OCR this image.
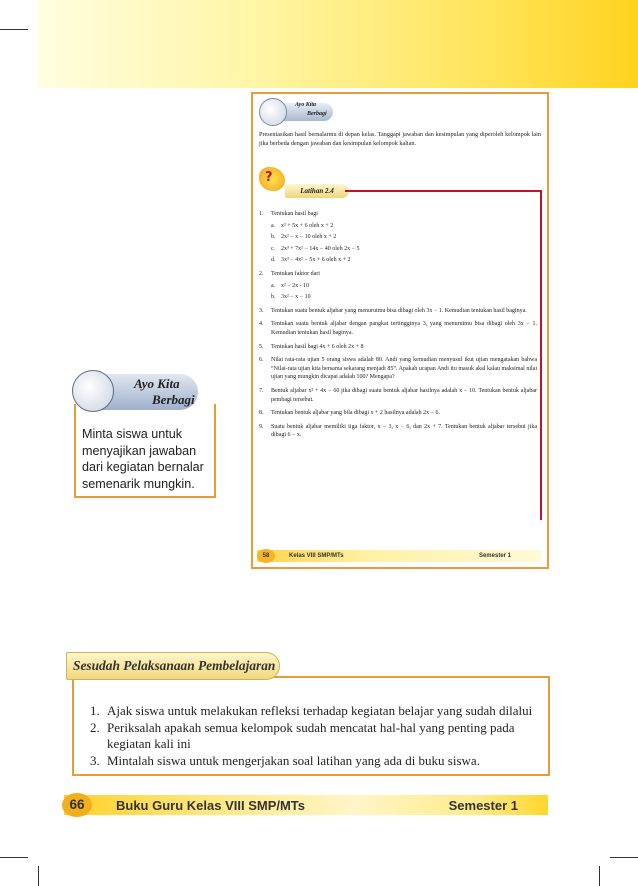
Ayo Kita
Berbagi
Presentasikan hasil bernalarmu di depan kelas. Tanggapi jawaban dan kesimpulan yang diperoleh kelompok lain jika berbeda dengan jawaban dan kesimpulan kelompok kalian.
?
Latihan 2.4
1. Tentukan hasil bagi
a. x² + 5x + 6 oleh x + 2
b. 2x² − x − 10 oleh x + 2
c. 2x³ + 7x² − 14x − 40 oleh 2x − 5
d. 3x³ − 4x² − 5x + 6 oleh x + 2
2. Tentukan faktor dari
a. x² − 2x - 10
b. 3x² − x − 10
3. Tentukan suatu bentuk aljabar yang menurutmu bisa dibagi oleh 3x − 1. Kemudian tentukan hasil baginya.
4. Tentukan suatu bentuk aljabar dengan pangkat tertingginya 3, yang menurutmu bisa dibagi oleh 3x − 1. Kemudian tentukan hasil baginya.
5. Tentukan hasil bagi 4x + 6 oleh 2x + 8
6. Nilai rata-rata ujian 5 orang siswa adalah 80. Andi yang kemudian menyusul ikut ujian mengatakan bahwa “Nilai-rata ujian kita bersama sekarang menjadi 85”. Apakah ucapan Andi itu masuk akal kalau maksimal nilai ujian yang mungkin dicapai adalah 100? Mengapa?
7. Bentuk aljabar x² + 4x − 60 jika dibagi suatu bentuk aljabar hasilnya adalah x − 10. Tentukan bentuk aljabar pembagi tersebut.
8. Tentukan bentuk aljabar yang bila dibagi x + 2 hasilnya adalah 2x − 6.
9. Suatu bentuk aljabar memiliki tiga faktor, x − 3, x − 6, dan 2x + 7. Tentukan bentuk aljabar tersebut jika dibagi 6 − x.
58	Kelas VIII SMP/MTs	Semester 1
Ayo Kita
Berbagi
Minta siswa untuk menyajikan jawaban dari kegiatan bernalar semenarik mungkin.
Sesudah Pelaksanaan Pembelajaran
1. Ajak siswa untuk melakukan refleksi terhadap kegiatan belajar yang sudah dilalui
2. Periksalah apakah semua kelompok sudah mencatat hal-hal yang penting pada kegiatan kali ini
3. Mintalah siswa untuk mengerjakan soal latihan yang ada di buku siswa.
66	Buku Guru Kelas VIII SMP/MTs	Semester 1
